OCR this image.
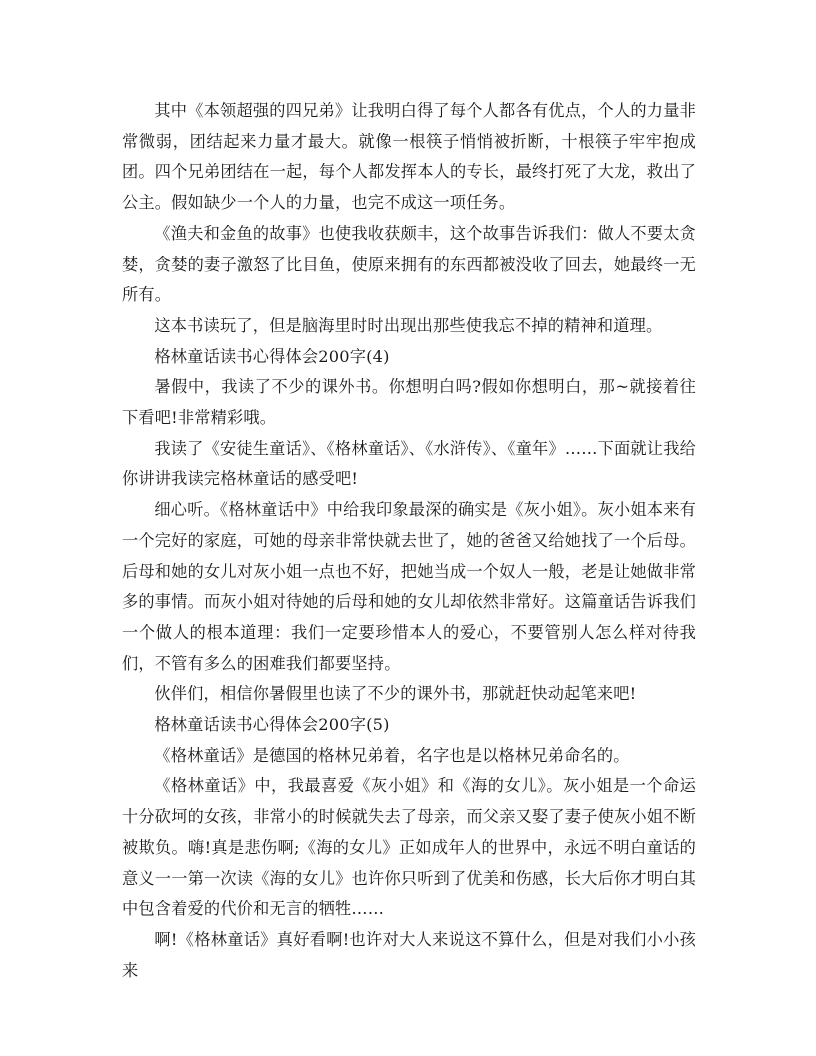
其中《本领超强的四兄弟》让我明白得了每个人都各有优点，个人的力量非常微弱，团结起来力量才最大。就像一根筷子悄悄被折断，十根筷子牢牢抱成团。四个兄弟团结在一起，每个人都发挥本人的专长，最终打死了大龙，救出了公主。假如缺少一个人的力量，也完不成这一项任务。

《渔夫和金鱼的故事》也使我收获颇丰，这个故事告诉我们：做人不要太贪婪，贪婪的妻子激怒了比目鱼，使原来拥有的东西都被没收了回去，她最终一无所有。

这本书读玩了，但是脑海里时时出现出那些使我忘不掉的精神和道理。

格林童话读书心得体会200字(4)

暑假中，我读了不少的课外书。你想明白吗?假如你想明白，那~就接着往下看吧!非常精彩哦。

我读了《安徒生童话》、《格林童话》、《水浒传》、《童年》……下面就让我给你讲讲我读完格林童话的感受吧!

细心听。《格林童话中》中给我印象最深的确实是《灰小姐》。灰小姐本来有一个完好的家庭，可她的母亲非常快就去世了，她的爸爸又给她找了一个后母。后母和她的女儿对灰小姐一点也不好，把她当成一个奴人一般，老是让她做非常多的事情。而灰小姐对待她的后母和她的女儿却依然非常好。这篇童话告诉我们一个做人的根本道理：我们一定要珍惜本人的爱心，不要管别人怎么样对待我们，不管有多么的困难我们都要坚持。

伙伴们，相信你暑假里也读了不少的课外书，那就赶快动起笔来吧!

格林童话读书心得体会200字(5)

《格林童话》是德国的格林兄弟着，名字也是以格林兄弟命名的。

《格林童话》中，我最喜爱《灰小姐》和《海的女儿》。灰小姐是一个命运十分砍坷的女孩，非常小的时候就失去了母亲，而父亲又娶了妻子使灰小姐不断被欺负。嗨!真是悲伤啊;《海的女儿》正如成年人的世界中，永远不明白童话的意义一一第一次读《海的女儿》也许你只听到了优美和伤感，长大后你才明白其中包含着爱的代价和无言的牺牲……

啊!《格林童话》真好看啊!也许对大人来说这不算什么，但是对我们小小孩来
